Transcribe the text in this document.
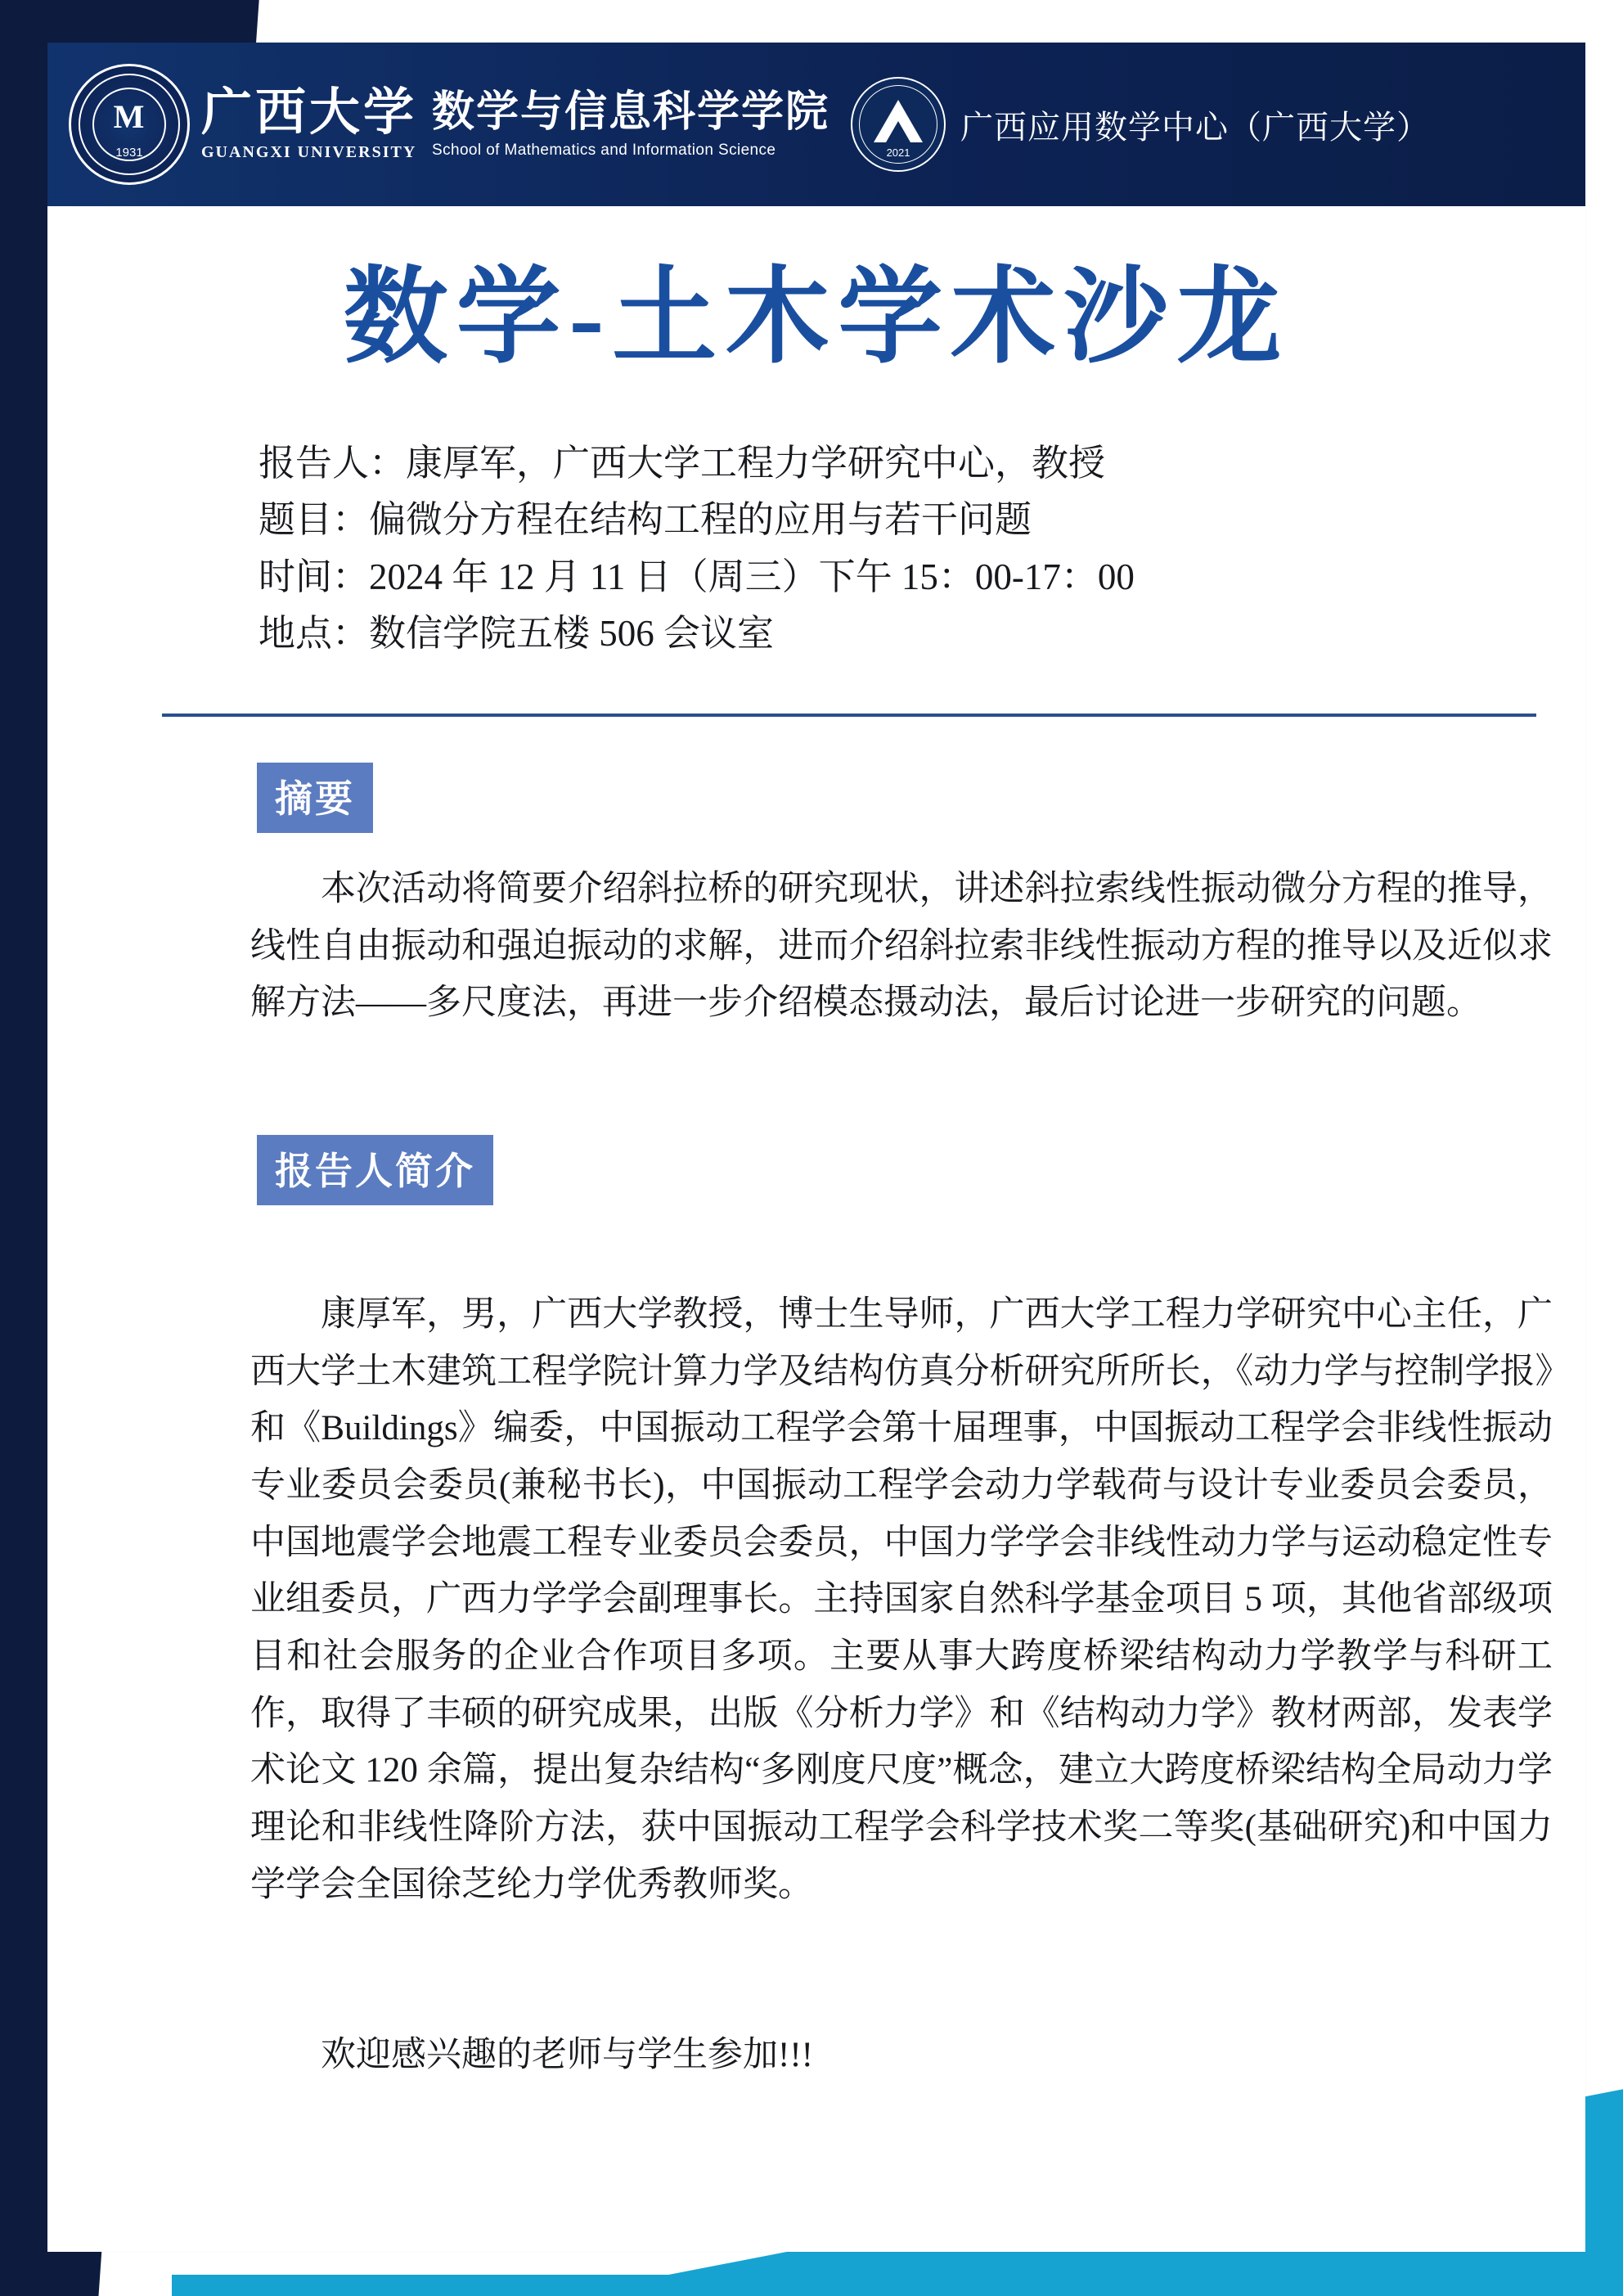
M
1931
广西大学
GUANGXI UNIVERSITY
数学与信息科学学院
School of Mathematics and Information Science	2021
广西应用数学中心（广西大学）
数学-土木学术沙龙
报告人：康厚军，广西大学工程力学研究中心，教授
题目：偏微分方程在结构工程的应用与若干问题
时间：2024 年 12 月 11 日（周三）下午 15：00-17：00
地点：数信学院五楼 506 会议室
摘要
本次活动将简要介绍斜拉桥的研究现状，讲述斜拉索线性振动微分方程的推导，线性自由振动和强迫振动的求解，进而介绍斜拉索非线性振动方程的推导以及近似求解方法——多尺度法，再进一步介绍模态摄动法，最后讨论进一步研究的问题。
报告人简介
康厚军，男，广西大学教授，博士生导师，广西大学工程力学研究中心主任，广西大学土木建筑工程学院计算力学及结构仿真分析研究所所长，《动力学与控制学报》和《Buildings》编委，中国振动工程学会第十届理事，中国振动工程学会非线性振动专业委员会委员(兼秘书长)，中国振动工程学会动力学载荷与设计专业委员会委员，中国地震学会地震工程专业委员会委员，中国力学学会非线性动力学与运动稳定性专业组委员，广西力学学会副理事长。主持国家自然科学基金项目 5 项，其他省部级项目和社会服务的企业合作项目多项。主要从事大跨度桥梁结构动力学教学与科研工作，取得了丰硕的研究成果，出版《分析力学》和《结构动力学》教材两部，发表学术论文 120 余篇，提出复杂结构“多刚度尺度”概念，建立大跨度桥梁结构全局动力学理论和非线性降阶方法，获中国振动工程学会科学技术奖二等奖(基础研究)和中国力学学会全国徐芝纶力学优秀教师奖。
欢迎感兴趣的老师与学生参加!!!
